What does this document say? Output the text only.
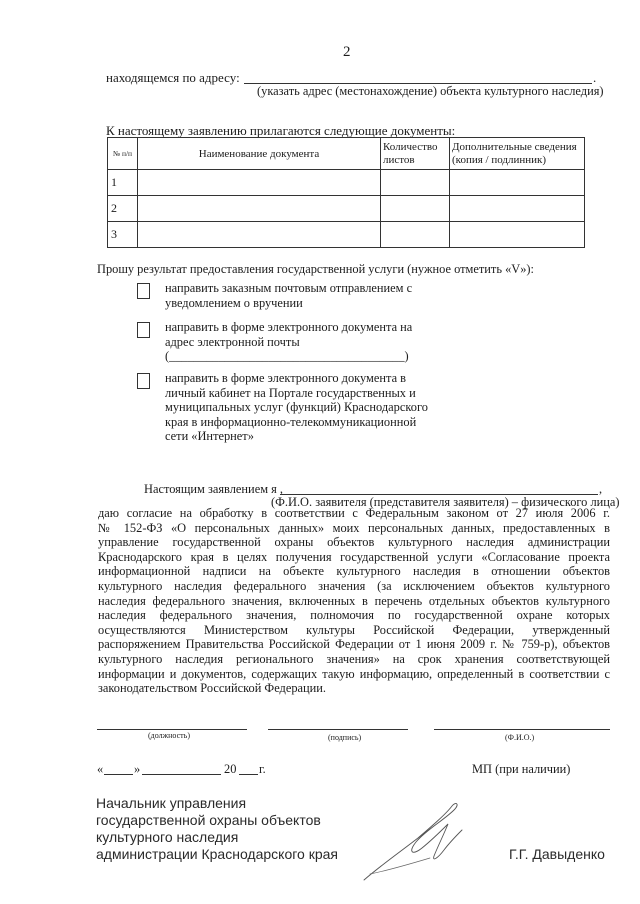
2
находящемся по адресу:	.
(указать адрес (местонахождение) объекта культурного наследия)
К настоящему заявлению прилагаются следующие документы:
№ п/п	Наименование документа	Количество листов	Дополнительные сведения (копия / подлинник)
1			
2			
3			
Прошу результат предоставления государственной услуги (нужное отметить «V»):
направить заказным почтовым отправлением с
уведомлением о вручении
направить в форме электронного документа на
адрес электронной почты
(______________________________________)
направить в форме электронного документа в
личный кабинет на Портале государственных и
муниципальных услуг (функций) Краснодарского
края в информационно-телекоммуникационной
сети «Интернет»
Настоящим заявлением я ,	,
(Ф.И.О. заявителя (представителя заявителя) – физического лица)
даю согласие на обработку в соответствии с Федеральным законом от 27 июля 2006 г.
№ 152-ФЗ «О персональных данных» моих персональных данных, предоставленных в
управление государственной охраны объектов культурного наследия администрации
Краснодарского края в целях получения государственной услуги «Согласование проекта
информационной надписи на объекте культурного наследия в отношении объектов
культурного наследия федерального значения (за исключением объектов культурного
наследия федерального значения, включенных в перечень отдельных объектов культурного
наследия федерального значения, полномочия по государственной охране которых
осуществляются Министерством культуры Российской Федерации, утвержденный
распоряжением Правительства Российской Федерации от 1 июня 2009 г. № 759-р), объектов
культурного наследия регионального значения» на срок хранения соответствующей
информации и документов, содержащих такую информацию, определенный в соответствии с
законодательством Российской Федерации.
(должность)	(подпись)	(Ф.И.О.)
« »	20 г.	МП (при наличии)
Начальник управления
государственной охраны объектов
культурного наследия
администрации Краснодарского края	Г.Г. Давыденко
